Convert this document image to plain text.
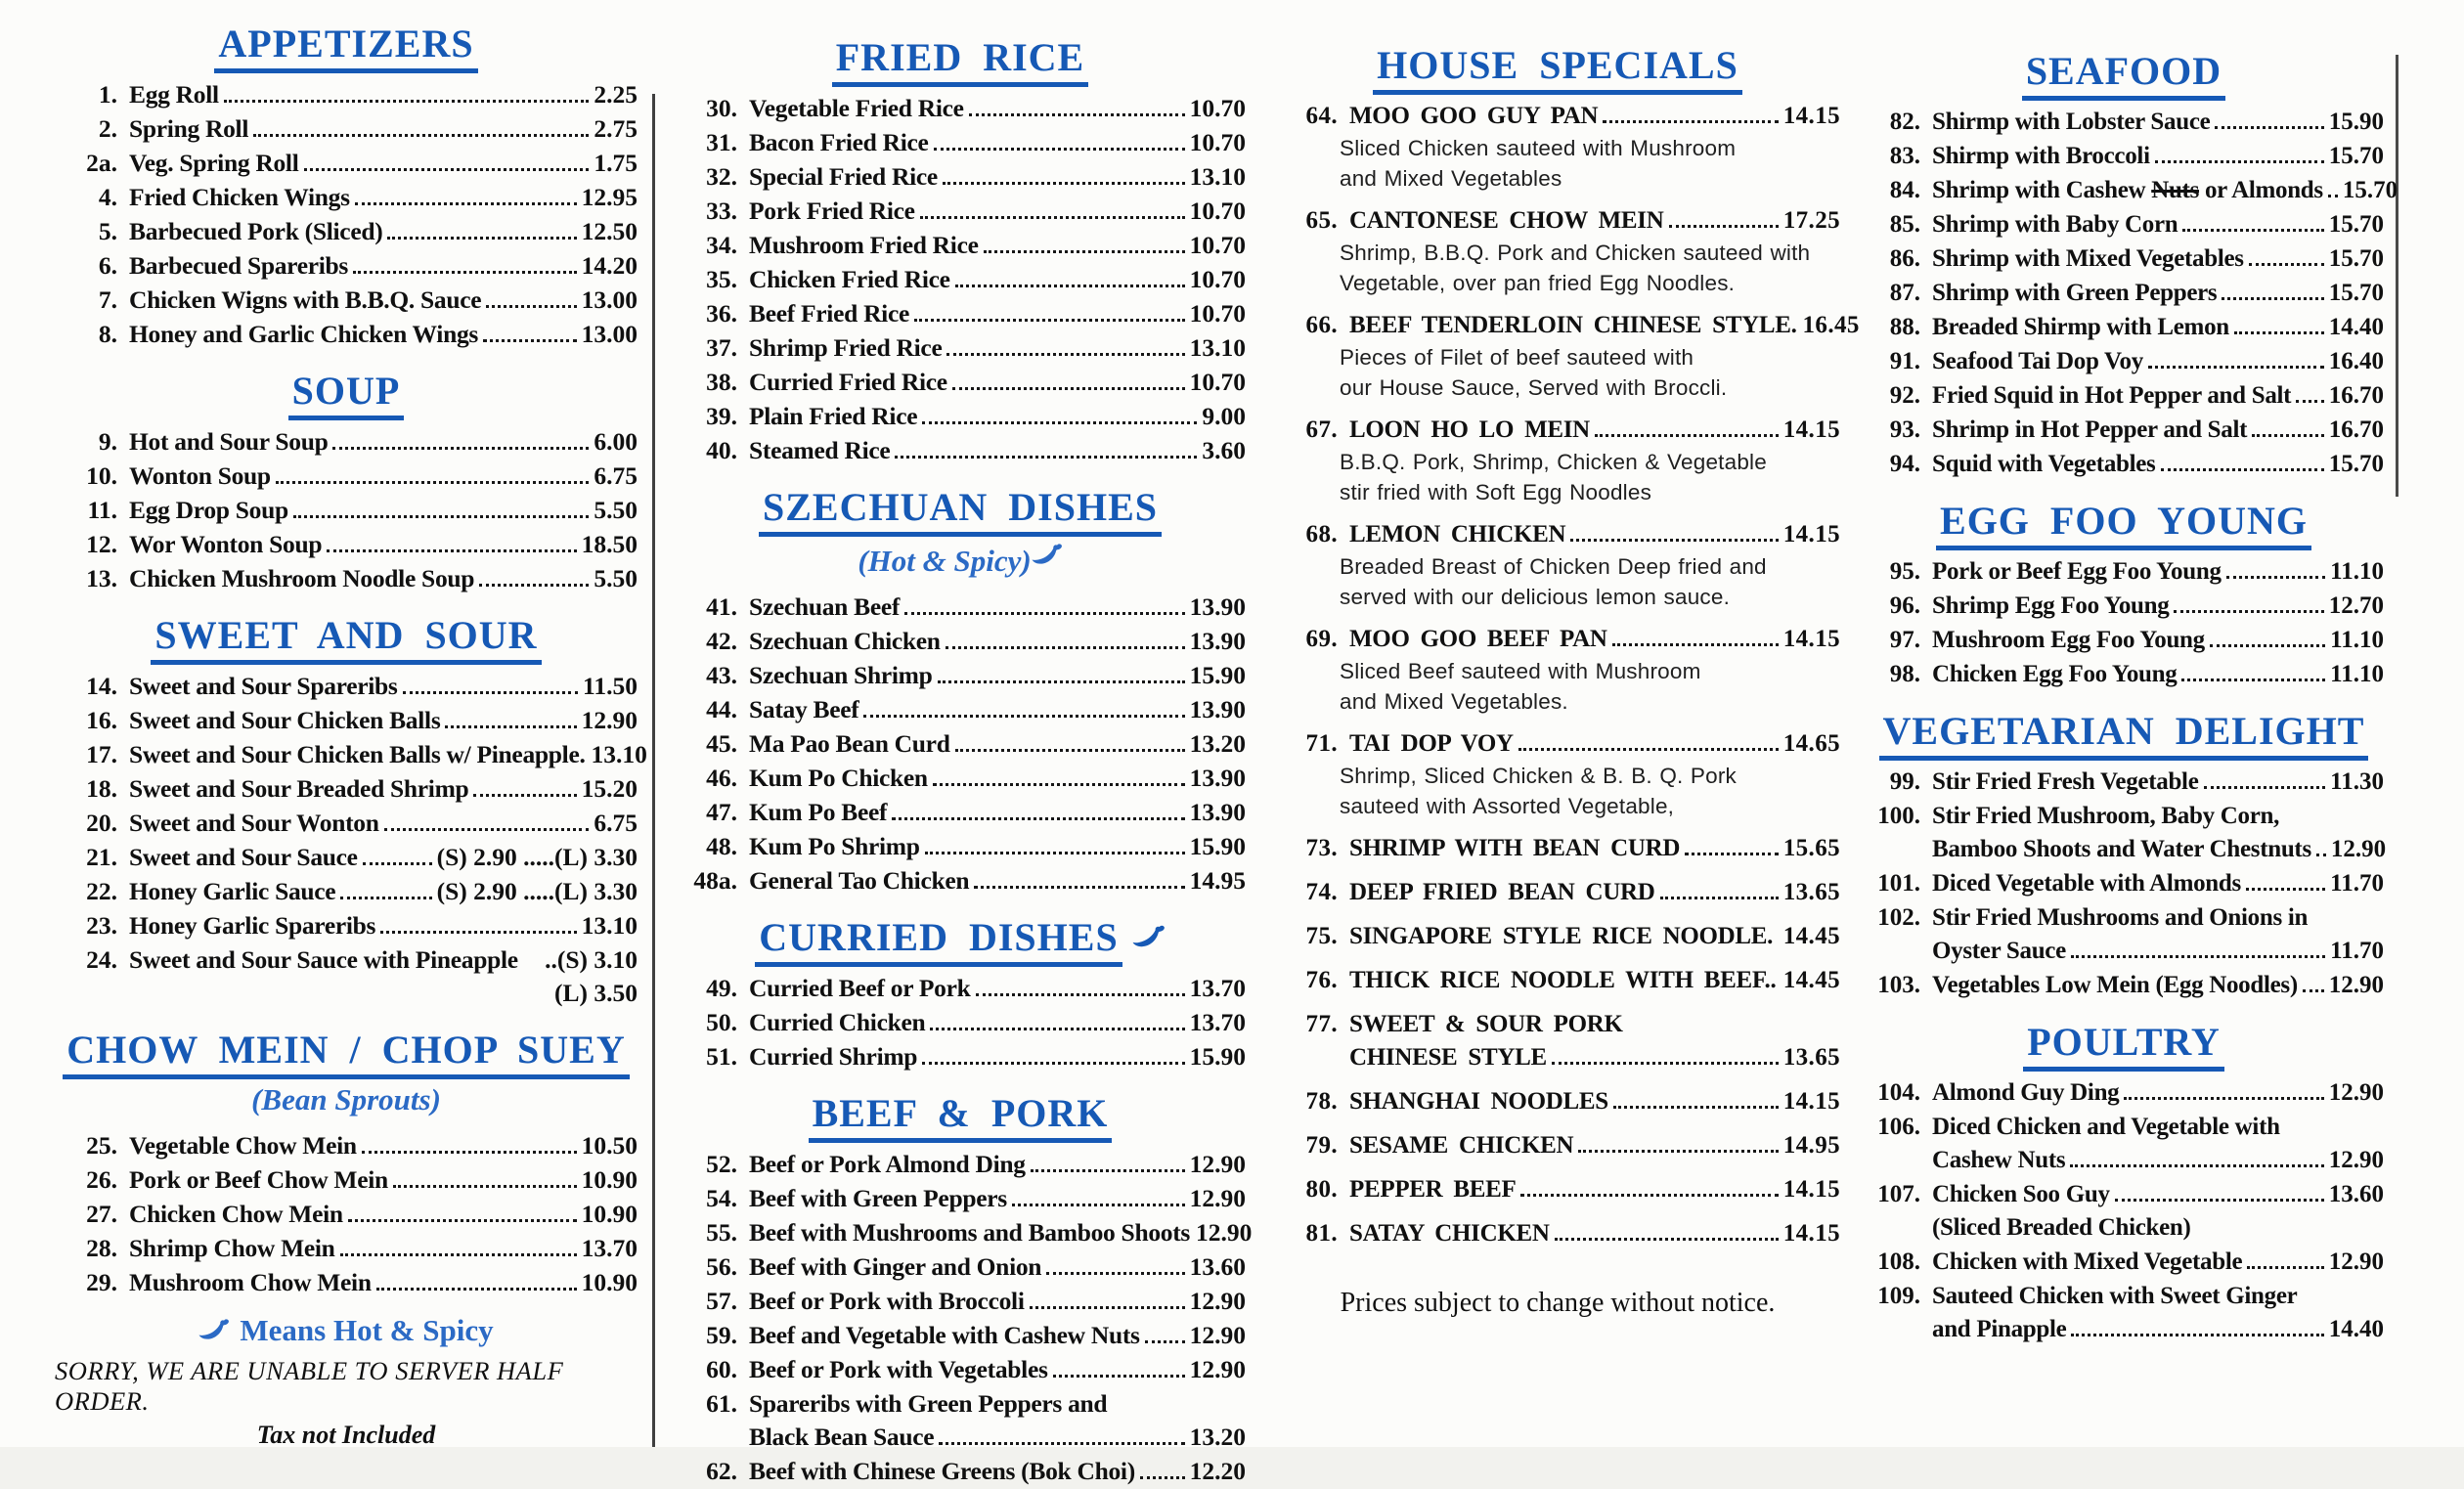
APPETIZERS
1. Egg Roll	2.25
2. Spring Roll	2.75
2a. Veg. Spring Roll	1.75
4. Fried Chicken Wings	12.95
5. Barbecued Pork (Sliced)	12.50
6. Barbecued Spareribs	14.20
7. Chicken Wigns with B.B.Q. Sauce	13.00
8. Honey and Garlic Chicken Wings	13.00
SOUP
9. Hot and Sour Soup	6.00
10. Wonton Soup	6.75
11. Egg Drop Soup	5.50
12. Wor Wonton Soup	18.50
13. Chicken Mushroom Noodle Soup	5.50
SWEET AND SOUR
14. Sweet and Sour Spareribs	11.50
16. Sweet and Sour Chicken Balls	12.90
17. Sweet and Sour Chicken Balls w/ Pineapple. 13.10
18. Sweet and Sour Breaded Shrimp	15.20
20. Sweet and Sour Wonton	6.75
21. Sweet and Sour Sauce	(S) 2.90 .....(L) 3.30
22. Honey Garlic Sauce	(S) 2.90 .....(L) 3.30
23. Honey Garlic Spareribs	13.10
24. Sweet and Sour Sauce with Pineapple ..(S) 3.10
(L) 3.50
CHOW MEIN / CHOP SUEY
(Bean Sprouts)
25. Vegetable Chow Mein	10.50
26. Pork or Beef Chow Mein	10.90
27. Chicken Chow Mein	10.90
28. Shrimp Chow Mein	13.70
29. Mushroom Chow Mein	10.90
Means Hot & Spicy
SORRY, WE ARE UNABLE TO SERVER HALF ORDER.
Tax not Included
FRIED RICE
30. Vegetable Fried Rice	10.70
31. Bacon Fried Rice	10.70
32. Special Fried Rice	13.10
33. Pork Fried Rice	10.70
34. Mushroom Fried Rice	10.70
35. Chicken Fried Rice	10.70
36. Beef Fried Rice	10.70
37. Shrimp Fried Rice	13.10
38. Curried Fried Rice	10.70
39. Plain Fried Rice	9.00
40. Steamed Rice	3.60
SZECHUAN DISHES
(Hot & Spicy)
41. Szechuan Beef	13.90
42. Szechuan Chicken	13.90
43. Szechuan Shrimp	15.90
44. Satay Beef	13.90
45. Ma Pao Bean Curd	13.20
46. Kum Po Chicken	13.90
47. Kum Po Beef	13.90
48. Kum Po Shrimp	15.90
48a. General Tao Chicken	14.95
CURRIED DISHES
49. Curried Beef or Pork	13.70
50. Curried Chicken	13.70
51. Curried Shrimp	15.90
BEEF & PORK
52. Beef or Pork Almond Ding	12.90
54. Beef with Green Peppers	12.90
55. Beef with Mushrooms and Bamboo Shoots 12.90
56. Beef with Ginger and Onion	13.60
57. Beef or Pork with Broccoli	12.90
59. Beef and Vegetable with Cashew Nuts 12.90
60. Beef or Pork with Vegetables	12.90
61. Spareribs with Green Peppers and
Black Bean Sauce	13.20
62. Beef with Chinese Greens (Bok Choi) 12.20
HOUSE SPECIALS
64. MOO GOO GUY PAN	14.15
Sliced Chicken sauteed with Mushroom
and Mixed Vegetables
65. CANTONESE CHOW MEIN	17.25
Shrimp, B.B.Q. Pork and Chicken sauteed with
Vegetable, over pan fried Egg Noodles.
66. BEEF TENDERLOIN CHINESE STYLE. 16.45
Pieces of Filet of beef sauteed with
our House Sauce, Served with Broccli.
67. LOON HO LO MEIN	14.15
B.B.Q. Pork, Shrimp, Chicken & Vegetable
stir fried with Soft Egg Noodles
68. LEMON CHICKEN	14.15
Breaded Breast of Chicken Deep fried and
served with our delicious lemon sauce.
69. MOO GOO BEEF PAN	14.15
Sliced Beef sauteed with Mushroom
and Mixed Vegetables.
71. TAI DOP VOY	14.65
Shrimp, Sliced Chicken & B. B. Q. Pork
sauteed with Assorted Vegetable,
73. SHRIMP WITH BEAN CURD	15.65
74. DEEP FRIED BEAN CURD	13.65
75. SINGAPORE STYLE RICE NOODLE. 14.45
76. THICK RICE NOODLE WITH BEEF.. 14.45
77. SWEET & SOUR PORK
CHINESE STYLE	13.65
78. SHANGHAI NOODLES	14.15
79. SESAME CHICKEN	14.95
80. PEPPER BEEF	14.15
81. SATAY CHICKEN	14.15
Prices subject to change without notice.
SEAFOOD
82. Shirmp with Lobster Sauce	15.90
83. Shirmp with Broccoli	15.70
84. Shrimp with Cashew Nuts or Almonds 15.70
85. Shrimp with Baby Corn	15.70
86. Shrimp with Mixed Vegetables	15.70
87. Shrimp with Green Peppers	15.70
88. Breaded Shirmp with Lemon	14.40
91. Seafood Tai Dop Voy	16.40
92. Fried Squid in Hot Pepper and Salt 16.70
93. Shrimp in Hot Pepper and Salt	16.70
94. Squid with Vegetables	15.70
EGG FOO YOUNG
95. Pork or Beef Egg Foo Young	11.10
96. Shrimp Egg Foo Young	12.70
97. Mushroom Egg Foo Young	11.10
98. Chicken Egg Foo Young	11.10
VEGETARIAN DELIGHT
99. Stir Fried Fresh Vegetable	11.30
100. Stir Fried Mushroom, Baby Corn,
Bamboo Shoots and Water Chestnuts 12.90
101. Diced Vegetable with Almonds	11.70
102. Stir Fried Mushrooms and Onions in
Oyster Sauce	11.70
103. Vegetables Low Mein (Egg Noodles) 12.90
POULTRY
104. Almond Guy Ding	12.90
106. Diced Chicken and Vegetable with
Cashew Nuts	12.90
107. Chicken Soo Guy	13.60
(Sliced Breaded Chicken)
108. Chicken with Mixed Vegetable	12.90
109. Sauteed Chicken with Sweet Ginger
and Pinapple	14.40
